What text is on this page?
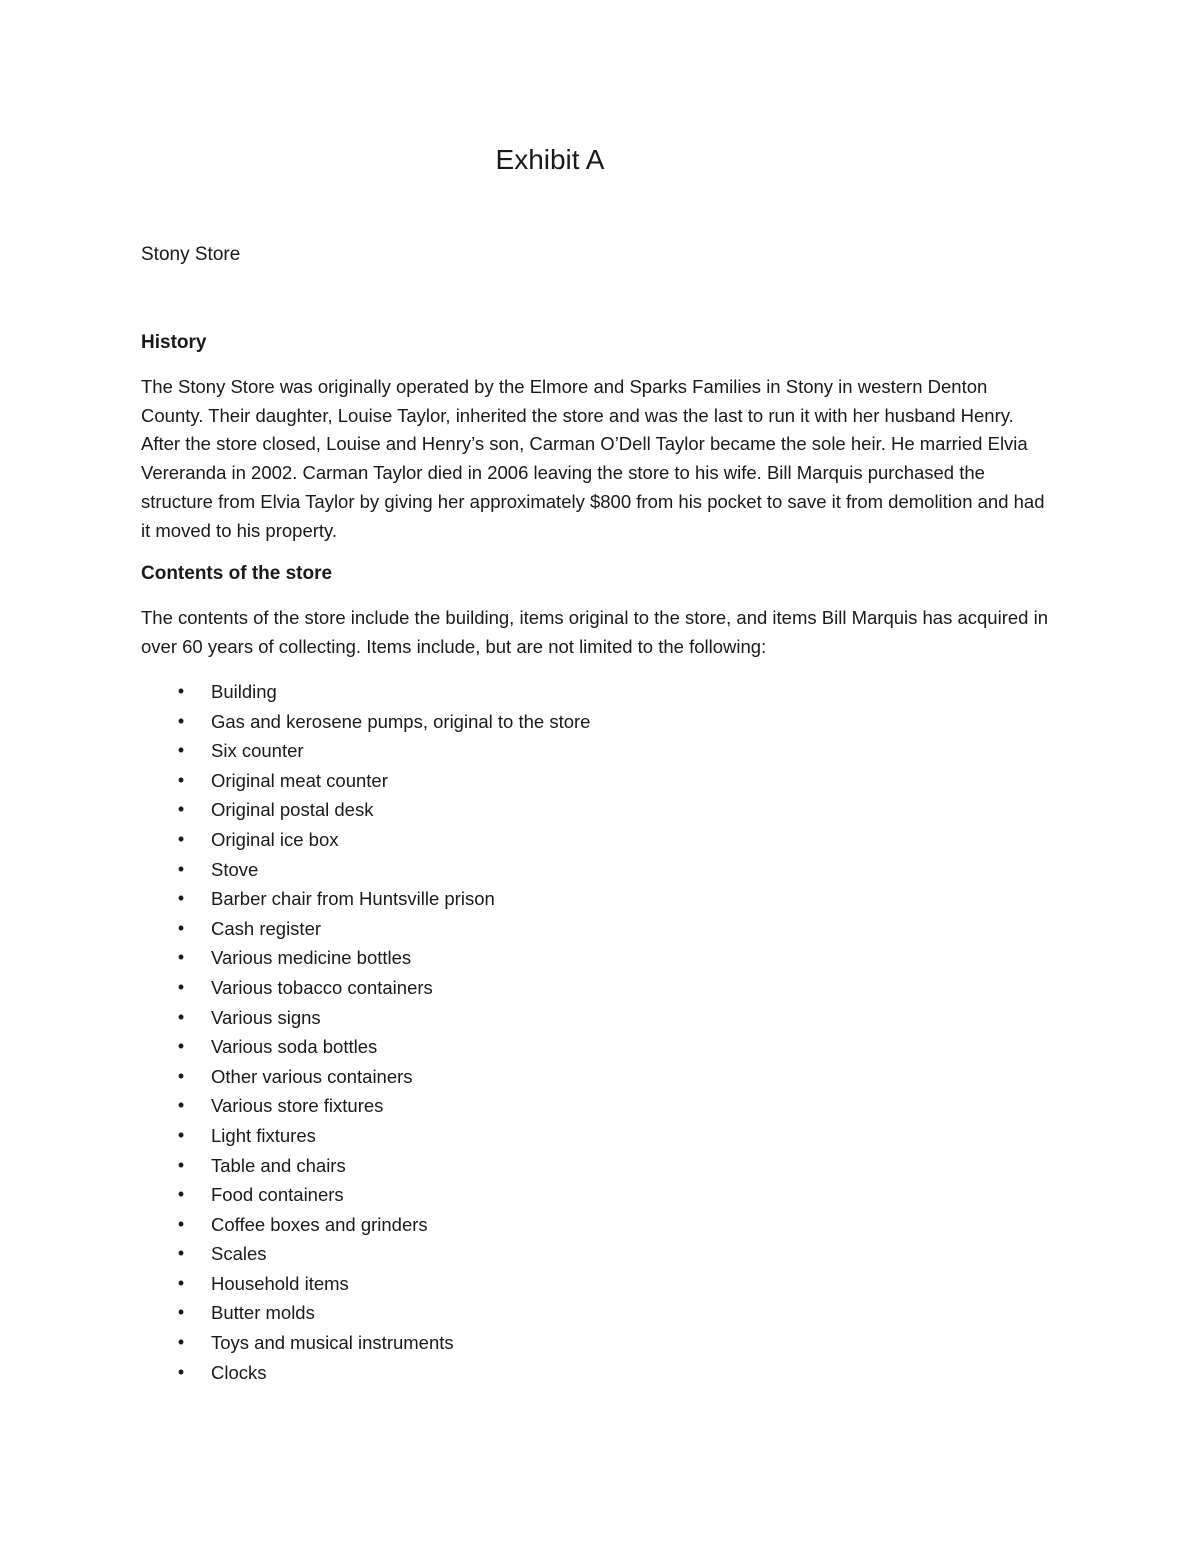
Exhibit A

Stony Store

History

The Stony Store was originally operated by the Elmore and Sparks Families in Stony in western Denton County. Their daughter, Louise Taylor, inherited the store and was the last to run it with her husband Henry. After the store closed, Louise and Henry’s son, Carman O’Dell Taylor became the sole heir. He married Elvia Vereranda in 2002. Carman Taylor died in 2006 leaving the store to his wife. Bill Marquis purchased the structure from Elvia Taylor by giving her approximately $800 from his pocket to save it from demolition and had it moved to his property.

Contents of the store

The contents of the store include the building, items original to the store, and items Bill Marquis has acquired in over 60 years of collecting. Items include, but are not limited to the following:

• Building
• Gas and kerosene pumps, original to the store
• Six counter
• Original meat counter
• Original postal desk
• Original ice box
• Stove
• Barber chair from Huntsville prison
• Cash register
• Various medicine bottles
• Various tobacco containers
• Various signs
• Various soda bottles
• Other various containers
• Various store fixtures
• Light fixtures
• Table and chairs
• Food containers
• Coffee boxes and grinders
• Scales
• Household items
• Butter molds
• Toys and musical instruments
• Clocks
